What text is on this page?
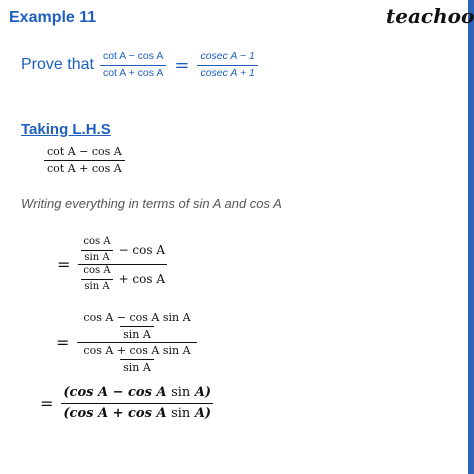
Example 11	teachoo
Prove that $\frac{\text{cot A − cos A}}{\text{cot A + cos A}} = \frac{\text{cosec A − 1}}{\text{cosec A + 1}}$
Taking L.H.S
$\frac{\text{cot A − cos A}}{\text{cot A + cos A}}$
Writing everything in terms of sin A and cos A
= $\frac{\frac{\text{cos A}}{\text{sin A}} - \cos A}{\frac{\text{cos A}}{\text{sin A}} + \cos A}$
= $\frac{\frac{\text{cos A − cos A sin A}}{\text{sin A}}}{\frac{\text{cos A + cos A sin A}}{\text{sin A}}}$
= $\frac{\text{(cos A − cos A sin A)}}{\text{(cos A + cos A sin A)}}$
